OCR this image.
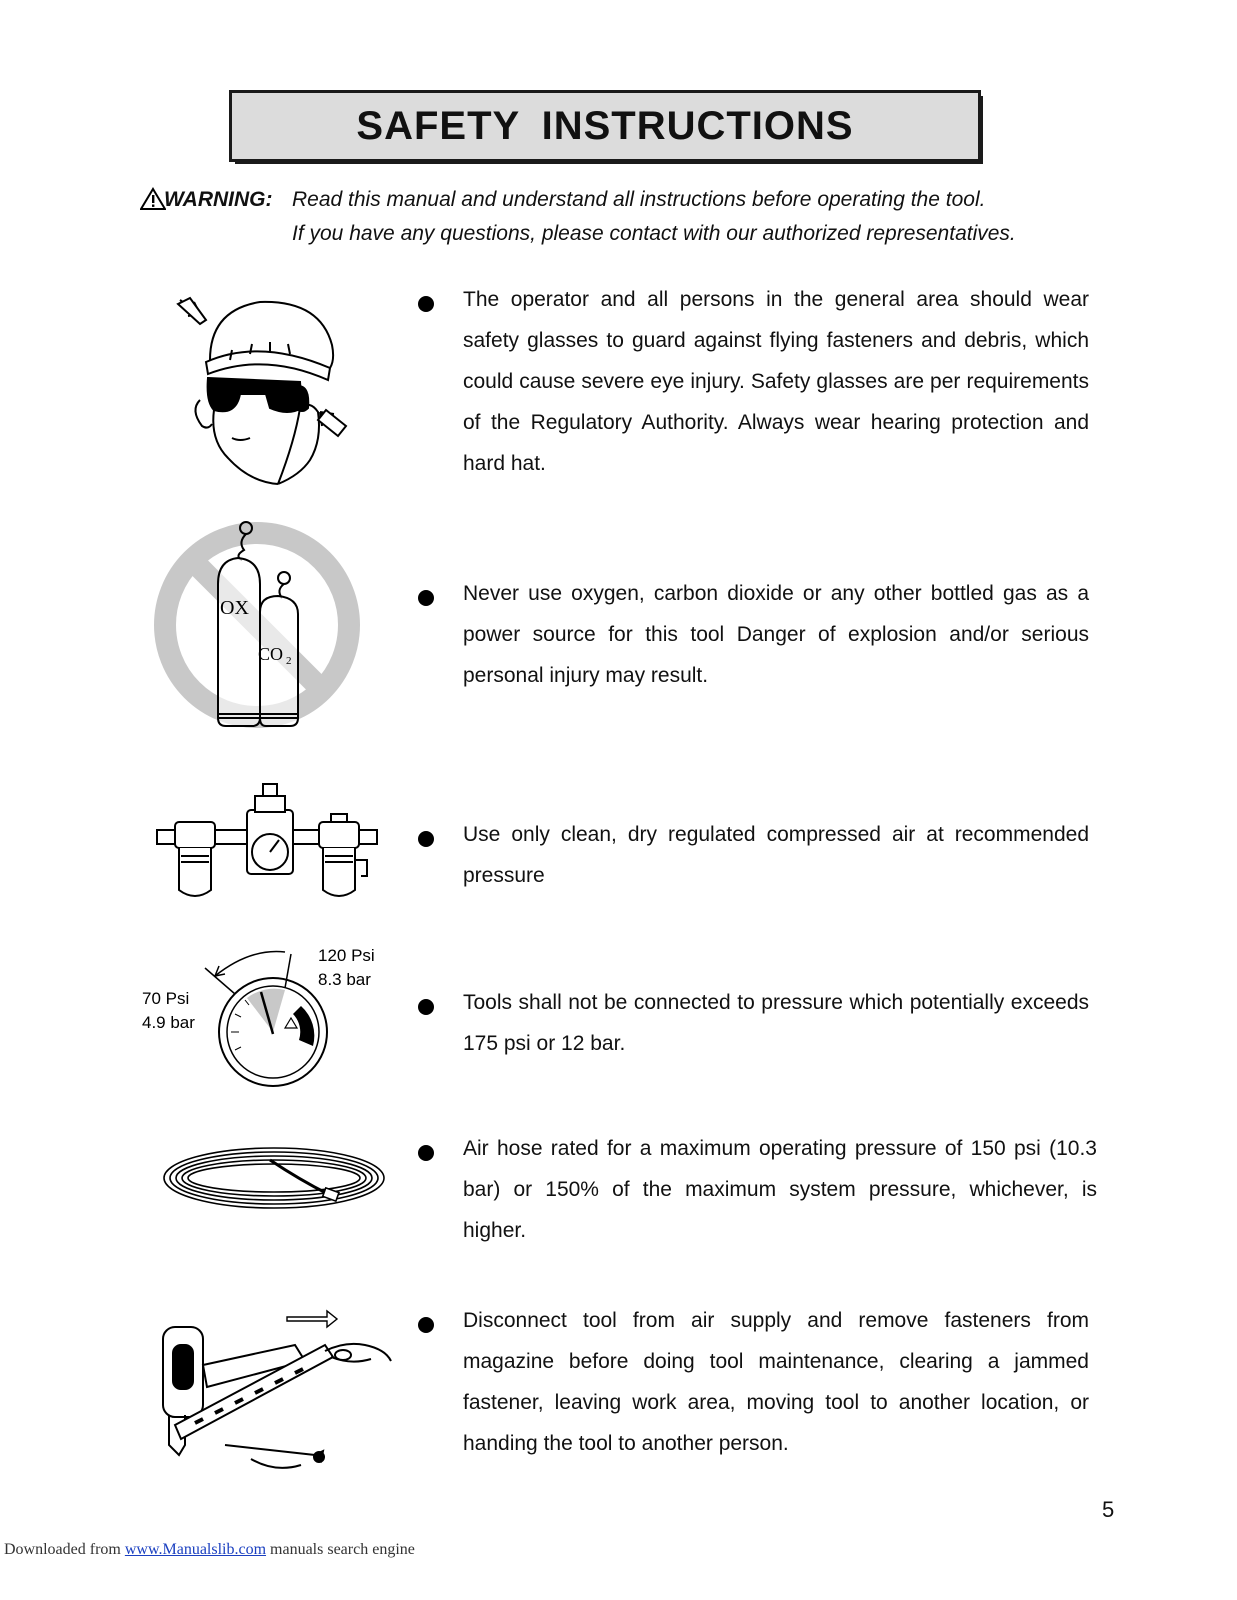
SAFETY INSTRUCTIONS
WARNING: Read this manual and understand all instructions before operating the tool.
If you have any questions, please contact with our authorized representatives.
The operator and all persons in the general area should wear safety glasses to guard against flying fasteners and debris, which could cause severe eye injury. Safety glasses are per requirements of the Regulatory Authority. Always wear hearing protection and hard hat.
OX
CO 2
Never use oxygen, carbon dioxide or any other bottled gas as a power source for this tool Danger of explosion and/or serious personal injury may result.
Use only clean, dry regulated compressed air at recommended pressure
120 Psi
8.3 bar
70 Psi
4.9 bar
Tools shall not be connected to pressure which potentially exceeds 175 psi or 12 bar.
Air hose rated for a maximum operating pressure of 150 psi (10.3 bar) or 150% of the maximum system pressure, whichever, is higher.
Disconnect tool from air supply and remove fasteners from magazine before doing tool maintenance, clearing a jammed fastener, leaving work area, moving tool to another location, or handing the tool to another person.
5
Downloaded from www.Manualslib.com manuals search engine
